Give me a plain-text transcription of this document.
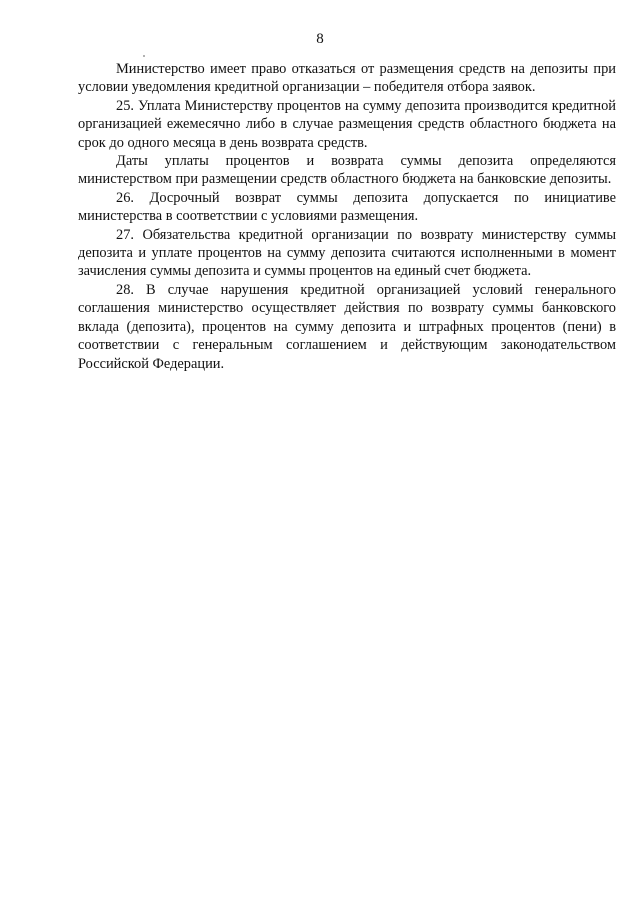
8

Министерство имеет право отказаться от размещения средств на депозиты при условии уведомления кредитной организации – победителя отбора заявок.

25. Уплата Министерству процентов на сумму депозита производится кредитной организацией ежемесячно либо в случае размещения средств областного бюджета на срок до одного месяца в день возврата средств.

Даты уплаты процентов и возврата суммы депозита определяются министерством при размещении средств областного бюджета на банковские депозиты.

26. Досрочный возврат суммы депозита допускается по инициативе министерства в соответствии с условиями размещения.

27. Обязательства кредитной организации по возврату министерству суммы депозита и уплате процентов на сумму депозита считаются исполненными в момент зачисления суммы депозита и суммы процентов на единый счет бюджета.

28. В случае нарушения кредитной организацией условий генерального соглашения министерство осуществляет действия по возврату суммы банковского вклада (депозита), процентов на сумму депозита и штрафных процентов (пени) в соответствии с генеральным соглашением и действующим законодательством Российской Федерации.
